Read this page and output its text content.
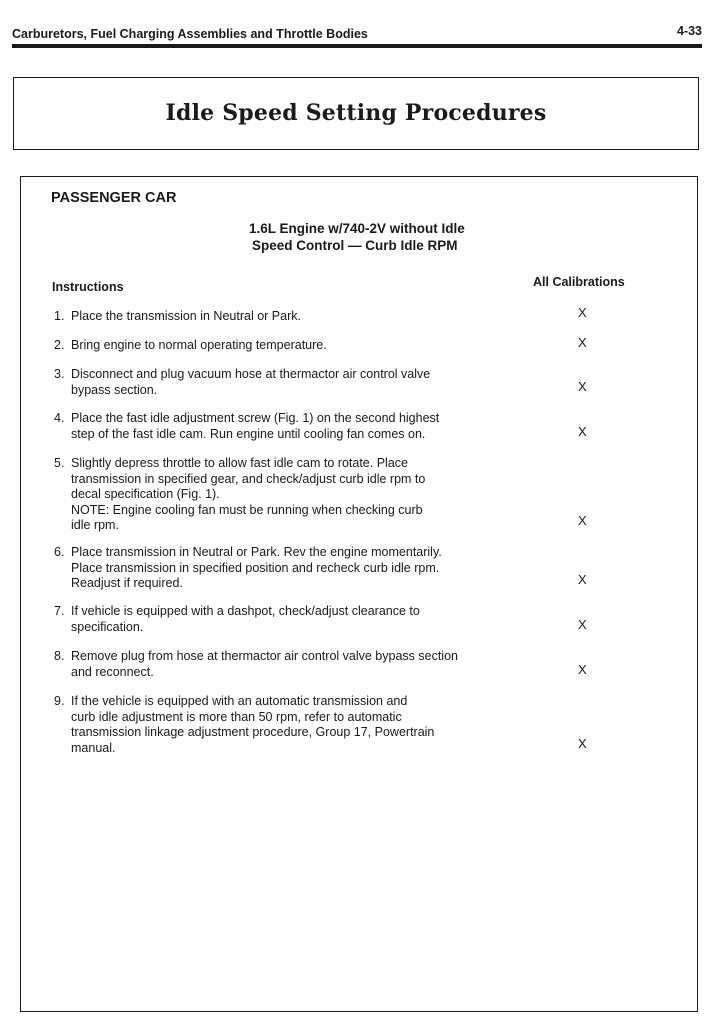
Carburetors, Fuel Charging Assemblies and Throttle Bodies	4-33
Idle Speed Setting Procedures
PASSENGER CAR
1.6L Engine w/740-2V without Idle
Speed Control — Curb Idle RPM
Instructions	All Calibrations
1. Place the transmission in Neutral or Park.	X
2. Bring engine to normal operating temperature.	X
3. Disconnect and plug vacuum hose at thermactor air control valve
bypass section.	X
4. Place the fast idle adjustment screw (Fig. 1) on the second highest
step of the fast idle cam. Run engine until cooling fan comes on.	X
5. Slightly depress throttle to allow fast idle cam to rotate. Place
transmission in specified gear, and check/adjust curb idle rpm to
decal specification (Fig. 1).
NOTE: Engine cooling fan must be running when checking curb
idle rpm.	X
6. Place transmission in Neutral or Park. Rev the engine momentarily.
Place transmission in specified position and recheck curb idle rpm.
Readjust if required.	X
7. If vehicle is equipped with a dashpot, check/adjust clearance to
specification.	X
8. Remove plug from hose at thermactor air control valve bypass section
and reconnect.	X
9. If the vehicle is equipped with an automatic transmission and
curb idle adjustment is more than 50 rpm, refer to automatic
transmission linkage adjustment procedure, Group 17, Powertrain
manual.	X
